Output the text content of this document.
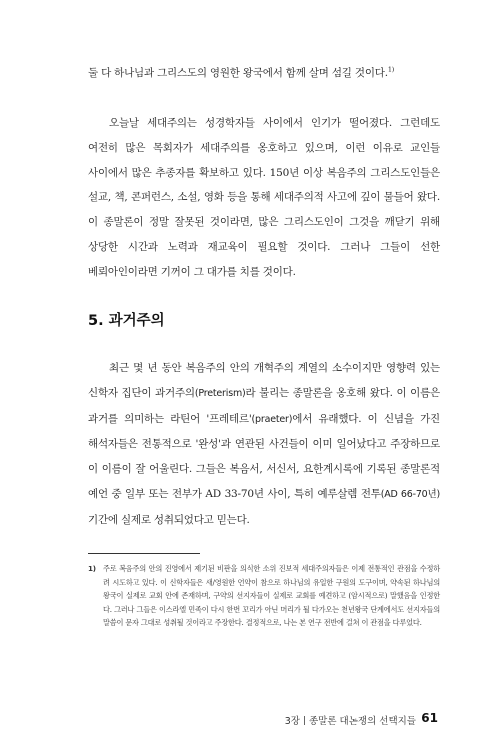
둘 다 하나님과 그리스도의 영원한 왕국에서 함께 살며 섬길 것이다.$^{1)}$

오늘날 세대주의는 성경학자들 사이에서 인기가 떨어졌다. 그런데도 여전히 많은 목회자가 세대주의를 옹호하고 있으며, 이런 이유로 교인들 사이에서 많은 추종자를 확보하고 있다. 150년 이상 복음주의 그리스도인들은 설교, 책, 콘퍼런스, 소설, 영화 등을 통해 세대주의적 사고에 깊이 물들어 왔다. 이 종말론이 정말 잘못된 것이라면, 많은 그리스도인이 그것을 깨닫기 위해 상당한 시간과 노력과 재교육이 필요할 것이다. 그러나 그들이 선한 베뢰아인이라면 기꺼이 그 대가를 치를 것이다.

5. 과거주의

최근 몇 년 동안 복음주의 안의 개혁주의 계열의 소수이지만 영향력 있는 신학자 집단이 과거주의(Preterism)라 불리는 종말론을 옹호해 왔다. 이 이름은 과거를 의미하는 라틴어 '프레테르'(praeter)에서 유래했다. 이 신념을 가진 해석자들은 전통적으로 '완성'과 연관된 사건들이 이미 일어났다고 주장하므로 이 이름이 잘 어울린다. 그들은 복음서, 서신서, 요한계시록에 기록된 종말론적 예언 중 일부 또는 전부가 AD 33-70년 사이, 특히 예루살렘 전투(AD 66-70년) 기간에 실제로 성취되었다고 믿는다.

1) 주로 복음주의 안의 진영에서 제기된 비판을 의식한 소위 진보적 세대주의자들은 이제 전통적인 관점을 수정하려 시도하고 있다. 이 신학자들은 새/영원한 언약이 참으로 하나님의 유일한 구원의 도구이며, 약속된 하나님의 왕국이 실제로 교회 안에 존재하며, 구약의 선지자들이 실제로 교회를 예견하고 (암시적으로) 말했음을 인정한다. 그러나 그들은 이스라엘 민족이 다시 한번 꼬리가 아닌 머리가 될 다가오는 천년왕국 단계에서도 선지자들의 말씀이 문자 그대로 성취될 것이라고 주장한다. 결정적으로, 나는 본 연구 전반에 걸쳐 이 관점을 다루었다.

3장 종말론 대논쟁의 선택지들 61
